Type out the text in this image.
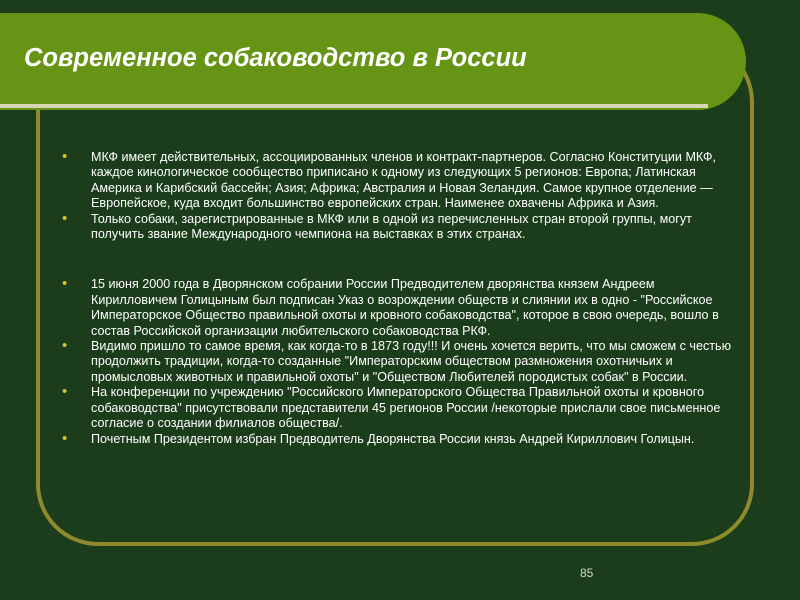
Современное собаководство в России
• МКФ имеет действительных, ассоциированных членов и контракт-партнеров. Согласно Конституции МКФ, каждое кинологическое сообщество приписано к одному из следующих 5 регионов: Европа; Латинская Америка и Карибский бассейн; Азия; Африка; Австралия и Новая Зеландия. Самое крупное отделение — Европейское, куда входит большинство европейских стран. Наименее охвачены Африка и Азия.
• Только собаки, зарегистрированные в МКФ или в одной из перечисленных стран второй группы, могут получить звание Международного чемпиона на выставках в этих странах.
• 15 июня 2000 года в Дворянском собрании России Предводителем дворянства князем Андреем Кирилловичем Голицыным был подписан Указ о возрождении обществ и слиянии их в одно - "Российское Императорское Общество правильной охоты и кровного собаководства", которое в свою очередь, вошло в состав Российской организации любительского собаководства РКФ.
• Видимо пришло то самое время, как когда-то в 1873 году!!! И очень хочется верить, что мы сможем с честью продолжить традиции, когда-то созданные "Императорским обществом размножения охотничьих и промысловых животных и правильной охоты" и "Обществом Любителей породистых собак" в России.
• На конференции по учреждению "Российского Императорского Общества Правильной охоты и кровного собаководства" присутствовали представители 45 регионов России /некоторые прислали свое письменное согласие о создании филиалов общества/.
• Почетным Президентом избран Предводитель Дворянства России князь Андрей Кириллович Голицын.
85
